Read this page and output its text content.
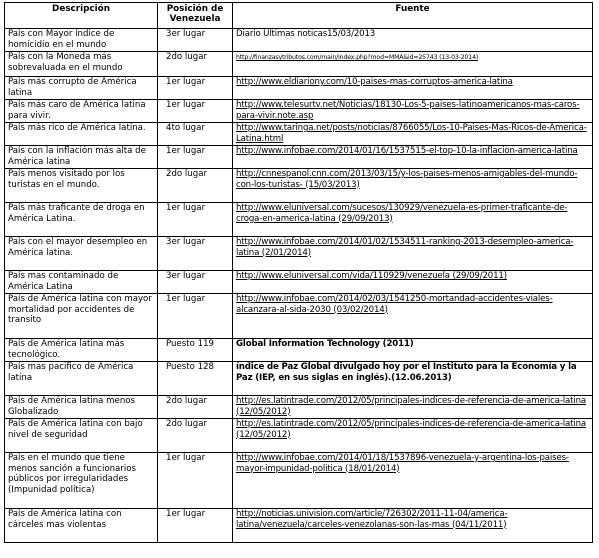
Descripción	Posición de Venezuela	Fuente
País con Mayor índice de homicidio en el mundo	3er lugar	Diario Ultimas noticas15/03/2013
País con la Moneda más sobrevaluada en el mundo	2do lugar	http://finanzasytributos.com/main/index.php?mod=MMA&id=25743 (13-03-2014)
País más corrupto de América latina	1er lugar	http://www.eldiariony.com/10-paises-mas-corruptos-america-latina
País más caro de América latina para vivir.	1er lugar	http://www.telesurtv.net/Noticias/18130-Los-5-paises-latinoamericanos-mas-caros-para-vivir.note.asp
País más rico de América latina.	4to lugar	http://www.taringa.net/posts/noticias/8766055/Los-10-Paises-Mas-Ricos-de-America-Latina.html
País con la inflación más alta de América latina	1er lugar	http://www.infobae.com/2014/01/16/1537515-el-top-10-la-inflacion-america-latina
País menos visitado por los turistas en el mundo.	2do lugar	http://cnnespanol.cnn.com/2013/03/15/y-los-paises-menos-amigables-del-mundo-con-los-turistas- (15/03/2013)
País más traficante de droga en América Latina.	1er lugar	http://www.eluniversal.com/sucesos/130929/venezuela-es-primer-traficante-de-croga-en-america-latina (29/09/2013)
País con el mayor desempleo en América latina.	3er lugar	http://www.infobae.com/2014/01/02/1534511-ranking-2013-desempleo-america-latina (2/01/2014)
País mas contaminado de América Latina	3er lugar	http://www.eluniversal.com/vida/110929/venezuela (29/09/2011)
País de América latina con mayor mortalidad por accidentes de transito	1er lugar	http://www.infobae.com/2014/02/03/1541250-mortandad-accidentes-viales-alcanzara-al-sida-2030 (03/02/2014)
País de América latina más tecnológico.	Puesto 119	Global Information Technology (2011)
País mas pacifico de América latina	Puesto 128	índice de Paz Global divulgado hoy por el Instituto para la Economía y la Paz (IEP, en sus siglas en inglés).(12.06.2013)
País de América latina menos Globalizado	2do lugar	http://es.latintrade.com/2012/05/principales-indices-de-referencia-de-america-latina (12/05/2012)
País de América latina con bajo nivel de seguridad	2do lugar	http://es.latintrade.com/2012/05/principales-indices-de-referencia-de-america-latina (12/05/2012)
País en el mundo que tiene menos sanción a funcionarios públicos por irregularidades (Impunidad política)	1er lugar	http://www.infobae.com/2014/01/18/1537896-venezuela-y-argentina-los-paises-mayor-impunidad-politica (18/01/2014)
País de América latina con cárceles mas violentas	1er lugar	http://noticias.univision.com/article/726302/2011-11-04/america-latina/venezuela/carceles-venezolanas-son-las-mas (04/11/2011)
